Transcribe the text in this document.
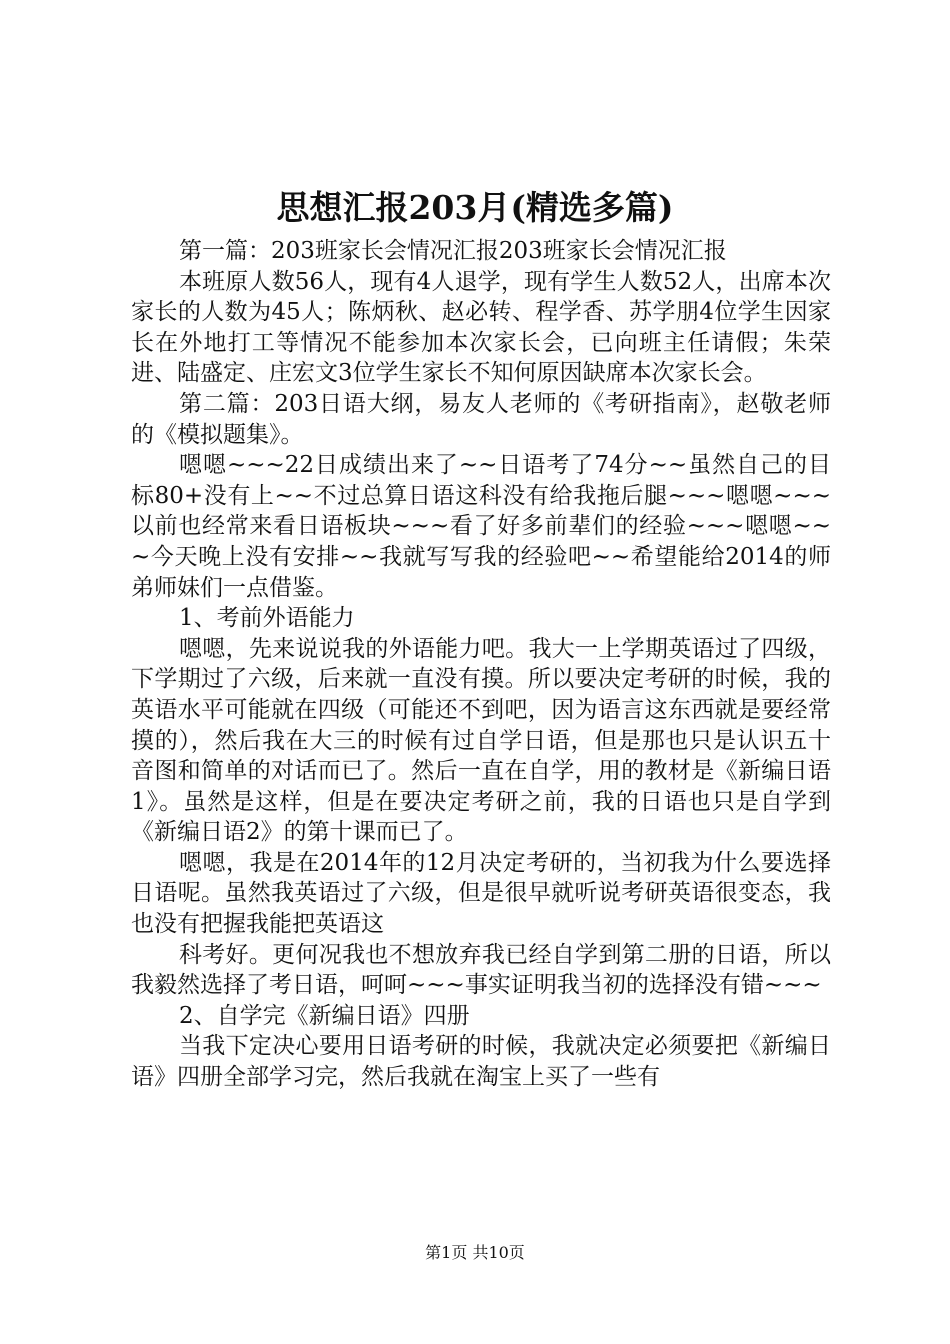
思想汇报203月(精选多篇)

第一篇：203班家长会情况汇报203班家长会情况汇报

本班原人数56人，现有4人退学，现有学生人数52人，出席本次家长的人数为45人；陈炳秋、赵必转、程学香、苏学朋4位学生因家长在外地打工等情况不能参加本次家长会，已向班主任请假；朱荣进、陆盛定、庄宏文3位学生家长不知何原因缺席本次家长会。

第二篇：203日语大纲，易友人老师的《考研指南》，赵敬老师的《模拟题集》。

嗯嗯~~~22日成绩出来了~~日语考了74分~~虽然自己的目标80+没有上~~不过总算日语这科没有给我拖后腿~~~嗯嗯~~~以前也经常来看日语板块~~~看了好多前辈们的经验~~~嗯嗯~~~今天晚上没有安排~~我就写写我的经验吧~~希望能给2014的师弟师妹们一点借鉴。

1、考前外语能力

嗯嗯，先来说说我的外语能力吧。我大一上学期英语过了四级，下学期过了六级，后来就一直没有摸。所以要决定考研的时候，我的英语水平可能就在四级（可能还不到吧，因为语言这东西就是要经常摸的），然后我在大三的时候有过自学日语，但是那也只是认识五十音图和简单的对话而已了。然后一直在自学，用的教材是《新编日语1》。虽然是这样，但是在要决定考研之前，我的日语也只是自学到《新编日语2》的第十课而已了。

嗯嗯，我是在2014年的12月决定考研的，当初我为什么要选择日语呢。虽然我英语过了六级，但是很早就听说考研英语很变态，我也没有把握我能把英语这

科考好。更何况我也不想放弃我已经自学到第二册的日语，所以我毅然选择了考日语，呵呵~~~事实证明我当初的选择没有错~~~

2、自学完《新编日语》四册

当我下定决心要用日语考研的时候，我就决定必须要把《新编日语》四册全部学习完，然后我就在淘宝上买了一些有

第1页 共10页
